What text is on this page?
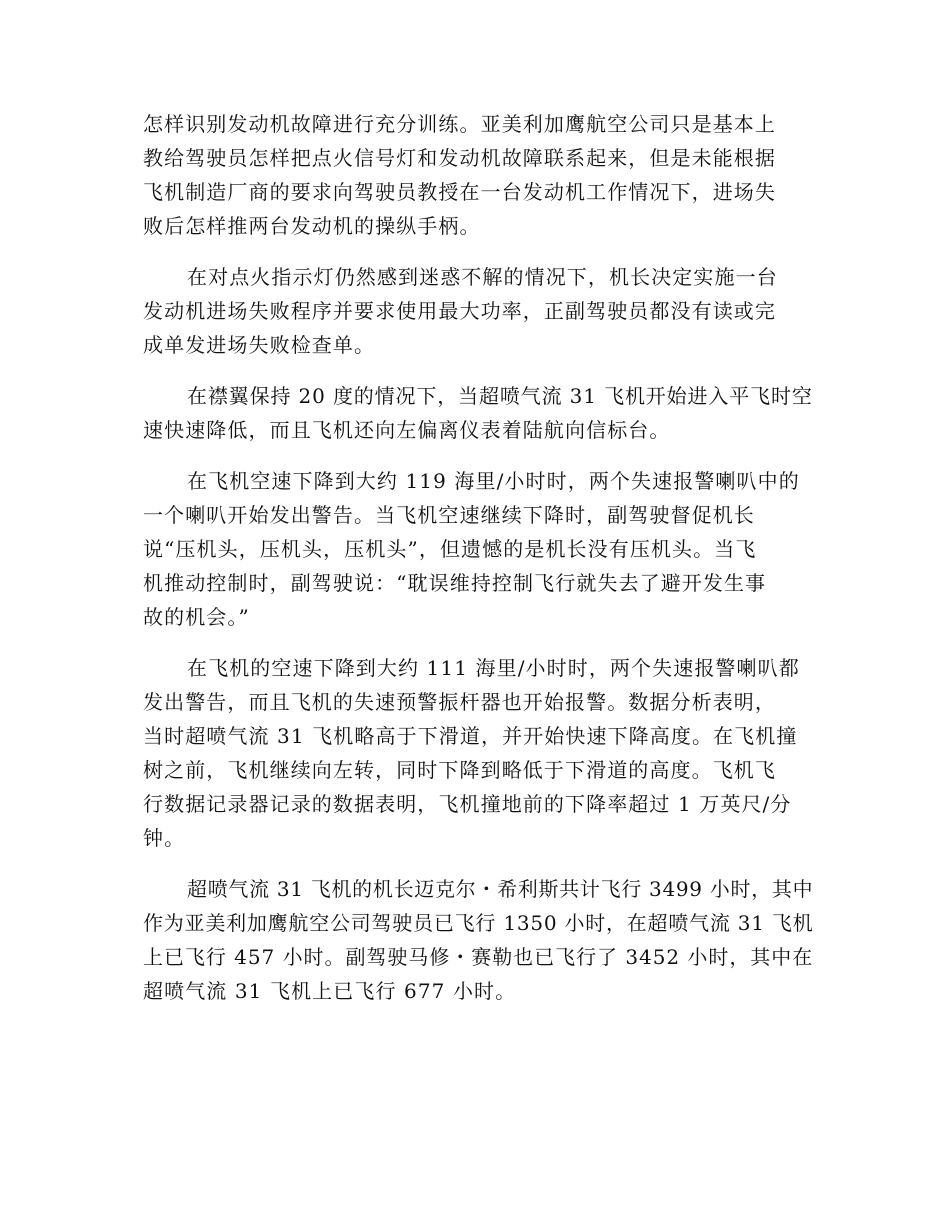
怎样识别发动机故障进行充分训练。亚美利加鹰航空公司只是基本上
教给驾驶员怎样把点火信号灯和发动机故障联系起来，但是未能根据
飞机制造厂商的要求向驾驶员教授在一台发动机工作情况下，进场失
败后怎样推两台发动机的操纵手柄。
在对点火指示灯仍然感到迷惑不解的情况下，机长决定实施一台
发动机进场失败程序并要求使用最大功率，正副驾驶员都没有读或完
成单发进场失败检查单。
在襟翼保持 20 度的情况下，当超喷气流 31 飞机开始进入平飞时空
速快速降低，而且飞机还向左偏离仪表着陆航向信标台。
在飞机空速下降到大约 119 海里/小时时，两个失速报警喇叭中的
一个喇叭开始发出警告。当飞机空速继续下降时，副驾驶督促机长
说“压机头，压机头，压机头”，但遗憾的是机长没有压机头。当飞
机推动控制时，副驾驶说：“耽误维持控制飞行就失去了避开发生事
故的机会。”
在飞机的空速下降到大约 111 海里/小时时，两个失速报警喇叭都
发出警告，而且飞机的失速预警振杆器也开始报警。数据分析表明，
当时超喷气流 31 飞机略高于下滑道，并开始快速下降高度。在飞机撞
树之前，飞机继续向左转，同时下降到略低于下滑道的高度。飞机飞
行数据记录器记录的数据表明，飞机撞地前的下降率超过 1 万英尺/分
钟。
超喷气流 31 飞机的机长迈克尔・希利斯共计飞行 3499 小时，其中
作为亚美利加鹰航空公司驾驶员已飞行 1350 小时，在超喷气流 31 飞机
上已飞行 457 小时。副驾驶马修・赛勒也已飞行了 3452 小时，其中在
超喷气流 31 飞机上已飞行 677 小时。
